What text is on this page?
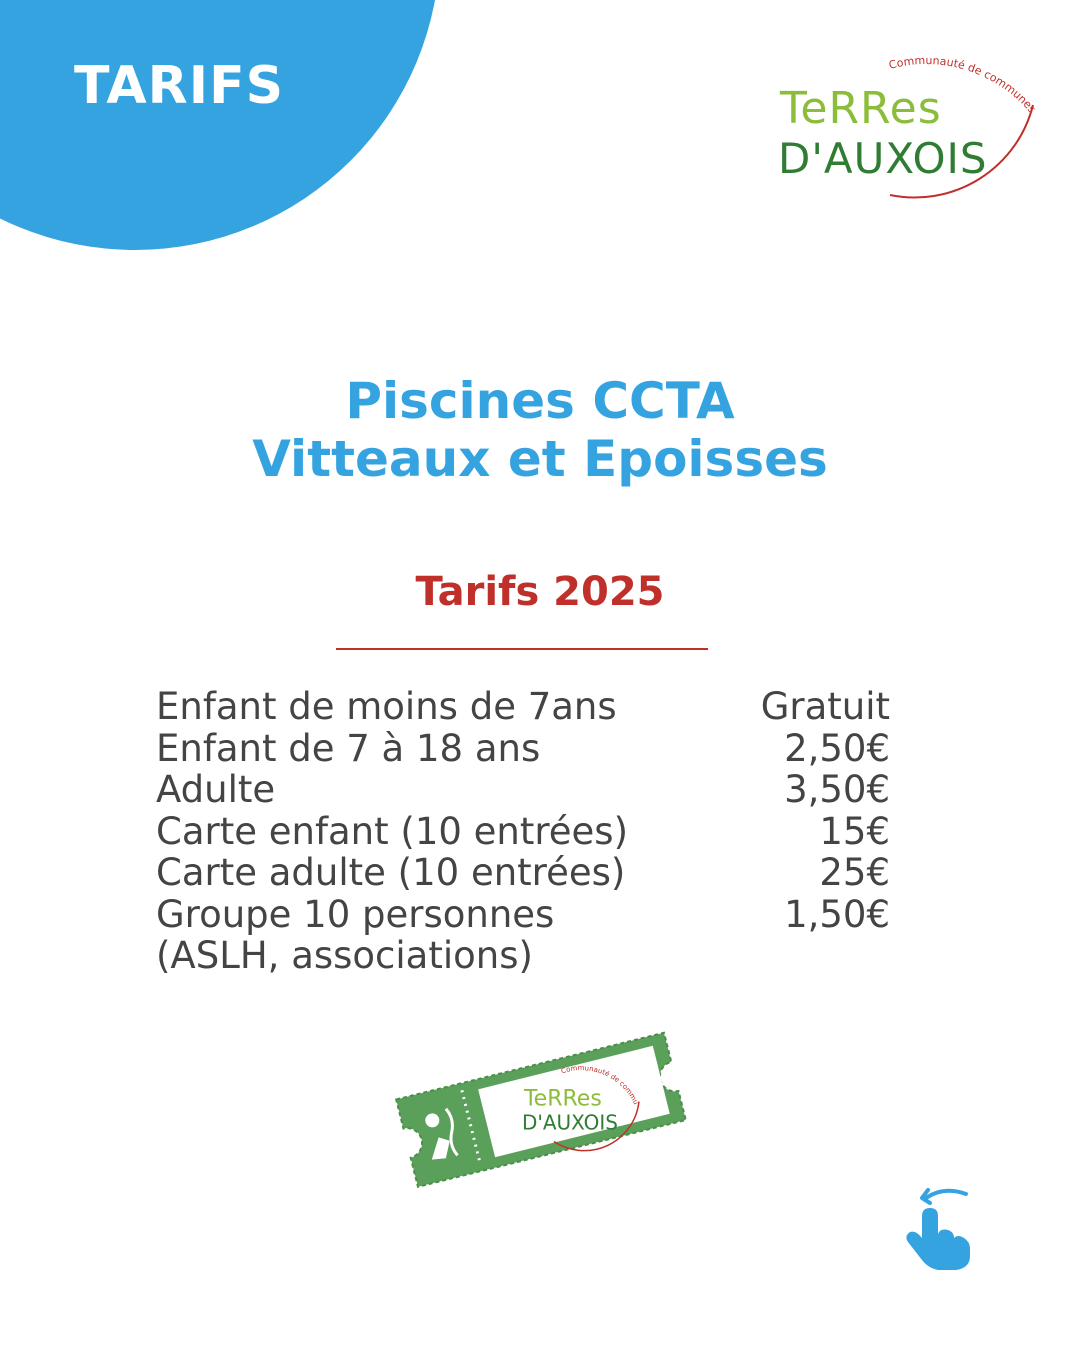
TARIFS	Communauté de communes
TeRRes
D'AUXOIS
Piscines CCTA
Vitteaux et Epoisses
Tarifs 2025
Enfant de moins de 7ans	Gratuit
Enfant de 7 à 18 ans	2,50€
Adulte	3,50€
Carte enfant (10 entrées)	15€
Carte adulte (10 entrées)	25€
Groupe 10 personnes	1,50€
(ASLH, associations)
Communauté de communes
TeRRes
D'AUXOIS
